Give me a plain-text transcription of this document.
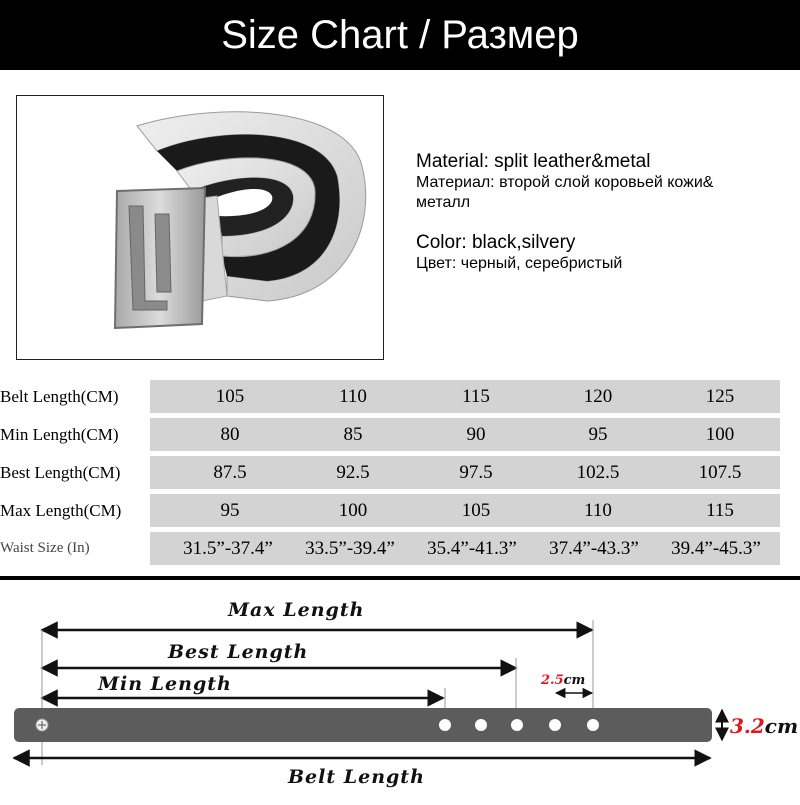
Size Chart / Размер
Material: split leather&metal
Материал: второй слой коровьей кожи&
металл
Color: black,silvery
Цвет: черный, серебристый
Belt Length(CM)	105	110	115	120	125
Min Length(CM)	80	85	90	95	100
Best Length(CM)	87.5	92.5	97.5	102.5	107.5
Max Length(CM)	95	100	105	110	115
Waist Size (In)	31.5”-37.4”	33.5”-39.4”	35.4”-41.3”	37.4”-43.3”	39.4”-45.3”
Max Length
Best Length
Min Length	2.5cm
3.2cm
Belt Length
